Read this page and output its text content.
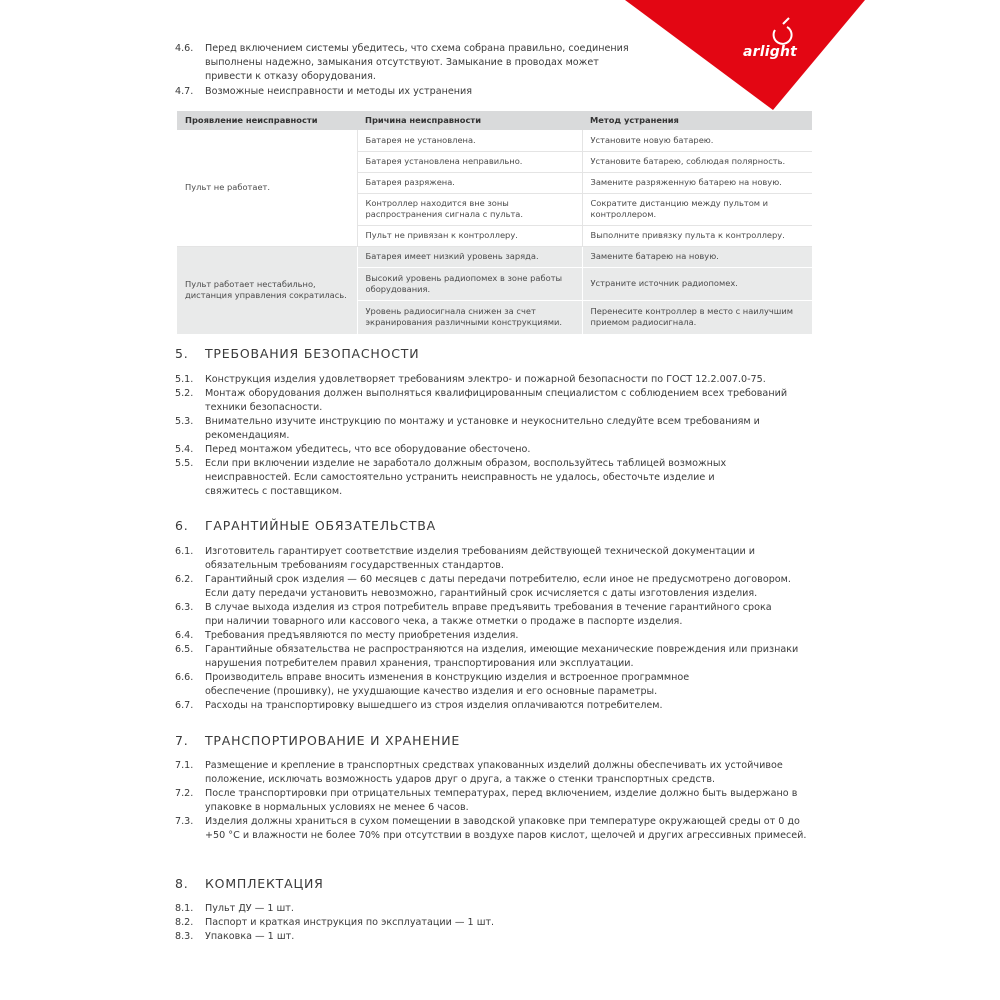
arlight
4.6.	Перед включением системы убедитесь, что схема собрана правильно, соединения выполнены надежно, замыкания отсутствуют. Замыкание в проводах может привести к отказу оборудования.
4.7.	Возможные неисправности и методы их устранения
Проявление неисправности	Причина неисправности	Метод устранения
Пульт не работает.	Батарея не установлена.	Установите новую батарею.
	Батарея установлена неправильно.	Установите батарею, соблюдая полярность.
	Батарея разряжена.	Замените разряженную батарею на новую.
	Контроллер находится вне зоны распространения сигнала с пульта.	Сократите дистанцию между пультом и контроллером.
	Пульт не привязан к контроллеру.	Выполните привязку пульта к контроллеру.
Пульт работает нестабильно, дистанция управления сократилась.	Батарея имеет низкий уровень заряда.	Замените батарею на новую.
	Высокий уровень радиопомех в зоне работы оборудования.	Устраните источник радиопомех.
	Уровень радиосигнала снижен за счет экранирования различными конструкциями.	Перенесите контроллер в место с наилучшим приемом радиосигнала.
5. ТРЕБОВАНИЯ БЕЗОПАСНОСТИ
5.1.	Конструкция изделия удовлетворяет требованиям электро- и пожарной безопасности по ГОСТ 12.2.007.0-75.
5.2.	Монтаж оборудования должен выполняться квалифицированным специалистом с соблюдением всех требований техники безопасности.
5.3.	Внимательно изучите инструкцию по монтажу и установке и неукоснительно следуйте всем требованиям и рекомендациям.
5.4.	Перед монтажом убедитесь, что все оборудование обесточено.
5.5.	Если при включении изделие не заработало должным образом, воспользуйтесь таблицей возможных неисправностей. Если самостоятельно устранить неисправность не удалось, обесточьте изделие и свяжитесь с поставщиком.
6. ГАРАНТИЙНЫЕ ОБЯЗАТЕЛЬСТВА
6.1.	Изготовитель гарантирует соответствие изделия требованиям действующей технической документации и обязательным требованиям государственных стандартов.
6.2.	Гарантийный срок изделия — 60 месяцев с даты передачи потребителю, если иное не предусмотрено договором. Если дату передачи установить невозможно, гарантийный срок исчисляется с даты изготовления изделия.
6.3.	В случае выхода изделия из строя потребитель вправе предъявить требования в течение гарантийного срока при наличии товарного или кассового чека, а также отметки о продаже в паспорте изделия.
6.4.	Требования предъявляются по месту приобретения изделия.
6.5.	Гарантийные обязательства не распространяются на изделия, имеющие механические повреждения или признаки нарушения потребителем правил хранения, транспортирования или эксплуатации.
6.6.	Производитель вправе вносить изменения в конструкцию изделия и встроенное программное обеспечение (прошивку), не ухудшающие качество изделия и его основные параметры.
6.7.	Расходы на транспортировку вышедшего из строя изделия оплачиваются потребителем.
7. ТРАНСПОРТИРОВАНИЕ И ХРАНЕНИЕ
7.1.	Размещение и крепление в транспортных средствах упакованных изделий должны обеспечивать их устойчивое положение, исключать возможность ударов друг о друга, а также о стенки транспортных средств.
7.2.	После транспортировки при отрицательных температурах, перед включением, изделие должно быть выдержано в упаковке в нормальных условиях не менее 6 часов.
7.3.	Изделия должны храниться в сухом помещении в заводской упаковке при температуре окружающей среды от 0 до +50 °С и влажности не более 70% при отсутствии в воздухе паров кислот, щелочей и других агрессивных примесей.
8. КОМПЛЕКТАЦИЯ
8.1.	Пульт ДУ — 1 шт.
8.2.	Паспорт и краткая инструкция по эксплуатации — 1 шт.
8.3.	Упаковка — 1 шт.
